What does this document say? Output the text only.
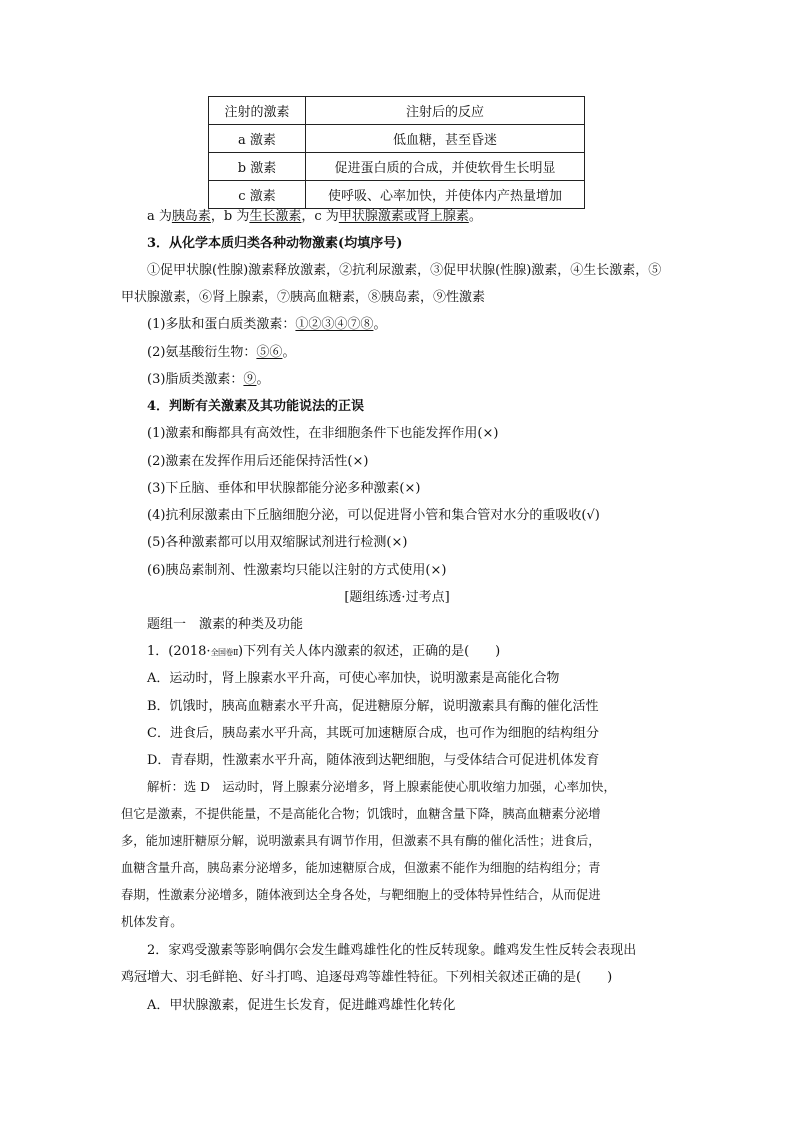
注射的激素	注射后的反应
a 激素	低血糖，甚至昏迷
b 激素	促进蛋白质的合成，并使软骨生长明显
c 激素	使呼吸、心率加快，并使体内产热量增加
a 为胰岛素，b 为生长激素，c 为甲状腺激素或肾上腺素。
3．从化学本质归类各种动物激素(均填序号)
①促甲状腺(性腺)激素释放激素，②抗利尿激素，③促甲状腺(性腺)激素，④生长激素，⑤
甲状腺激素，⑥肾上腺素，⑦胰高血糖素，⑧胰岛素，⑨性激素
(1)多肽和蛋白质类激素：①②③④⑦⑧。
(2)氨基酸衍生物：⑤⑥。
(3)脂质类激素：⑨。
4．判断有关激素及其功能说法的正误
(1)激素和酶都具有高效性，在非细胞条件下也能发挥作用(×)
(2)激素在发挥作用后还能保持活性(×)
(3)下丘脑、垂体和甲状腺都能分泌多种激素(×)
(4)抗利尿激素由下丘脑细胞分泌，可以促进肾小管和集合管对水分的重吸收(√)
(5)各种激素都可以用双缩脲试剂进行检测(×)
(6)胰岛素制剂、性激素均只能以注射的方式使用(×)
[题组练透·过考点]
题组一　激素的种类及功能
1．(2018·全国卷Ⅱ)下列有关人体内激素的叙述，正确的是(　　)
A．运动时，肾上腺素水平升高，可使心率加快，说明激素是高能化合物
B．饥饿时，胰高血糖素水平升高，促进糖原分解，说明激素具有酶的催化活性
C．进食后，胰岛素水平升高，其既可加速糖原合成，也可作为细胞的结构组分
D．青春期，性激素水平升高，随体液到达靶细胞，与受体结合可促进机体发育
解析：选 D　运动时，肾上腺素分泌增多，肾上腺素能使心肌收缩力加强，心率加快，
但它是激素，不提供能量，不是高能化合物；饥饿时，血糖含量下降，胰高血糖素分泌增
多，能加速肝糖原分解，说明激素具有调节作用，但激素不具有酶的催化活性；进食后，
血糖含量升高，胰岛素分泌增多，能加速糖原合成，但激素不能作为细胞的结构组分；青
春期，性激素分泌增多，随体液到达全身各处，与靶细胞上的受体特异性结合，从而促进
机体发育。
2．家鸡受激素等影响偶尔会发生雌鸡雄性化的性反转现象。雌鸡发生性反转会表现出
鸡冠增大、羽毛鲜艳、好斗打鸣、追逐母鸡等雄性特征。下列相关叙述正确的是(　　)
A．甲状腺激素，促进生长发育，促进雌鸡雄性化转化
